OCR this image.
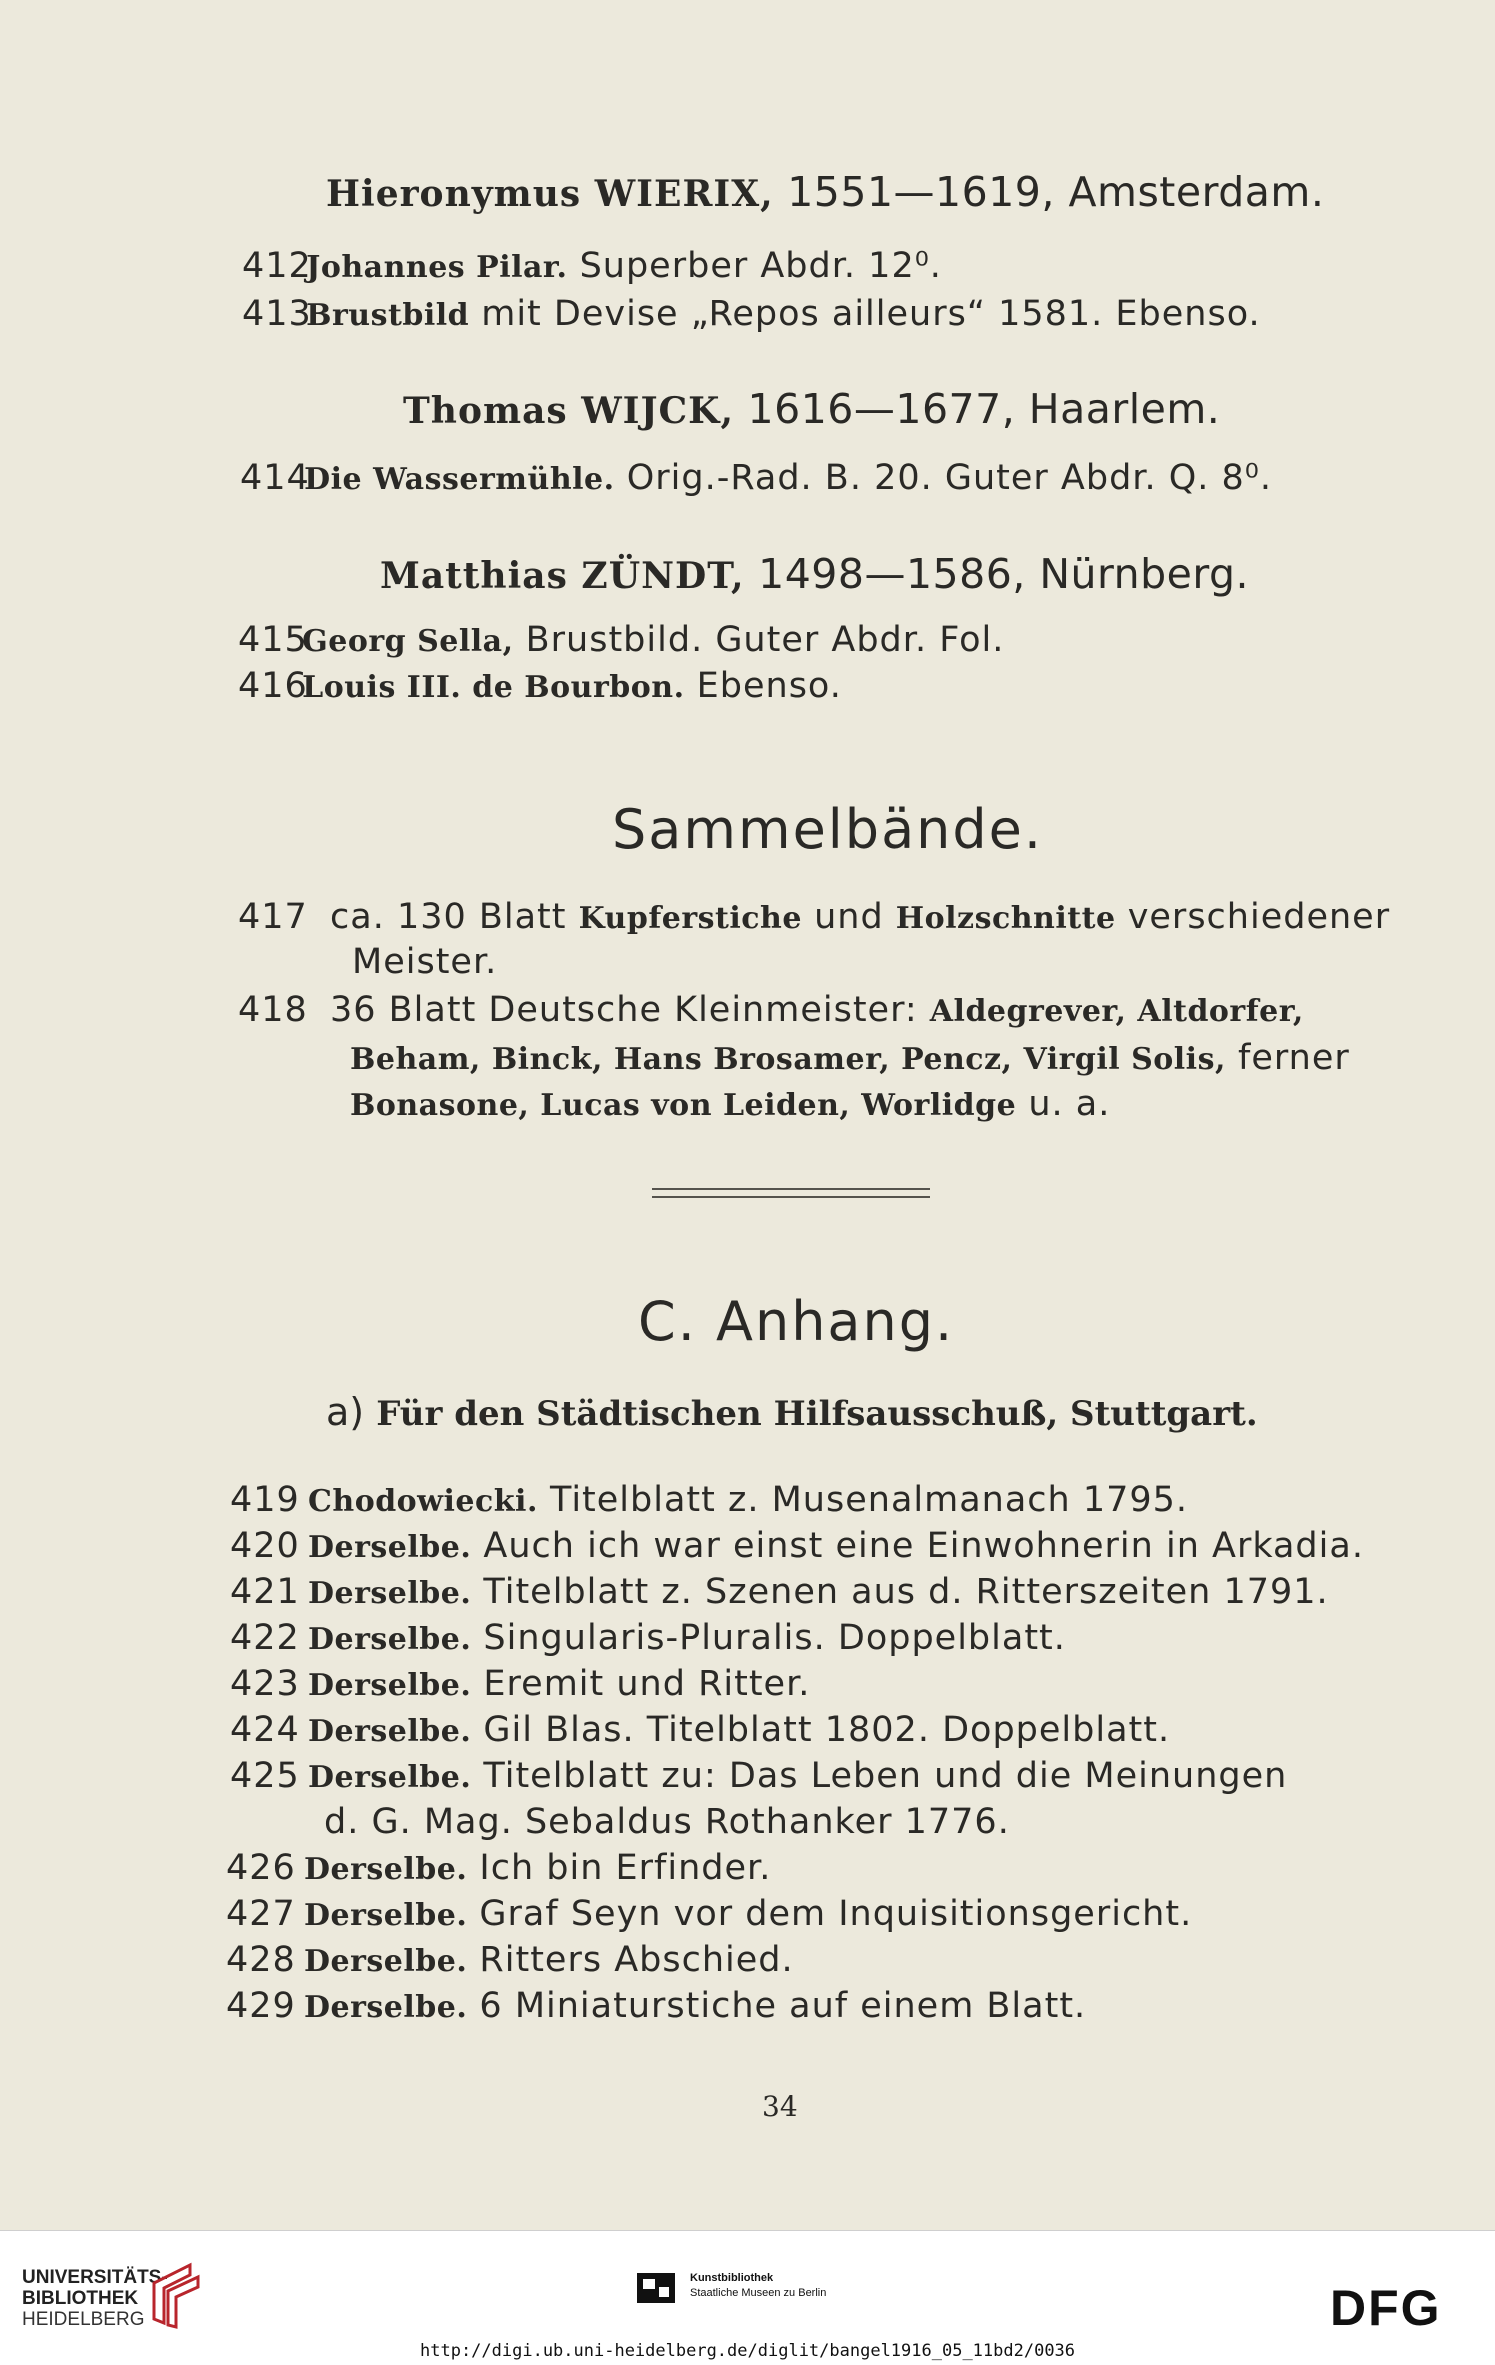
Hieronymus WIERIX, 1551—1619, Amsterdam.
412 Johannes Pilar. Superber Abdr. 12⁰.
413 Brustbild mit Devise „Repos ailleurs“ 1581. Ebenso.
Thomas WIJCK, 1616—1677, Haarlem.
414 Die Wassermühle. Orig.-Rad. B. 20. Guter Abdr. Q. 8⁰.
Matthias ZÜNDT, 1498—1586, Nürnberg.
415 Georg Sella, Brustbild. Guter Abdr. Fol.
416 Louis III. de Bourbon. Ebenso.
Sammelbände.
417 ca. 130 Blatt Kupferstiche und Holzschnitte verschiedener
Meister.
418 36 Blatt Deutsche Kleinmeister: Aldegrever, Altdorfer,
Beham, Binck, Hans Brosamer, Pencz, Virgil Solis, ferner
Bonasone, Lucas von Leiden, Worlidge u. a.
C. Anhang.
a) Für den Städtischen Hilfsausschuß, Stuttgart.
419 Chodowiecki. Titelblatt z. Musenalmanach 1795.
420 Derselbe. Auch ich war einst eine Einwohnerin in Arkadia.
421 Derselbe. Titelblatt z. Szenen aus d. Ritterszeiten 1791.
422 Derselbe. Singularis-Pluralis. Doppelblatt.
423 Derselbe. Eremit und Ritter.
424 Derselbe. Gil Blas. Titelblatt 1802. Doppelblatt.
425 Derselbe. Titelblatt zu: Das Leben und die Meinungen
d. G. Mag. Sebaldus Rothanker 1776.
426 Derselbe. Ich bin Erfinder.
427 Derselbe. Graf Seyn vor dem Inquisitionsgericht.
428 Derselbe. Ritters Abschied.
429 Derselbe. 6 Miniaturstiche auf einem Blatt.
34
UNIVERSITÄTS-
BIBLIOTHEK
HEIDELBERG
Kunstbibliothek
Staatliche Museen zu Berlin	DFG
http://digi.ub.uni-heidelberg.de/diglit/bangel1916_05_11bd2/0036
